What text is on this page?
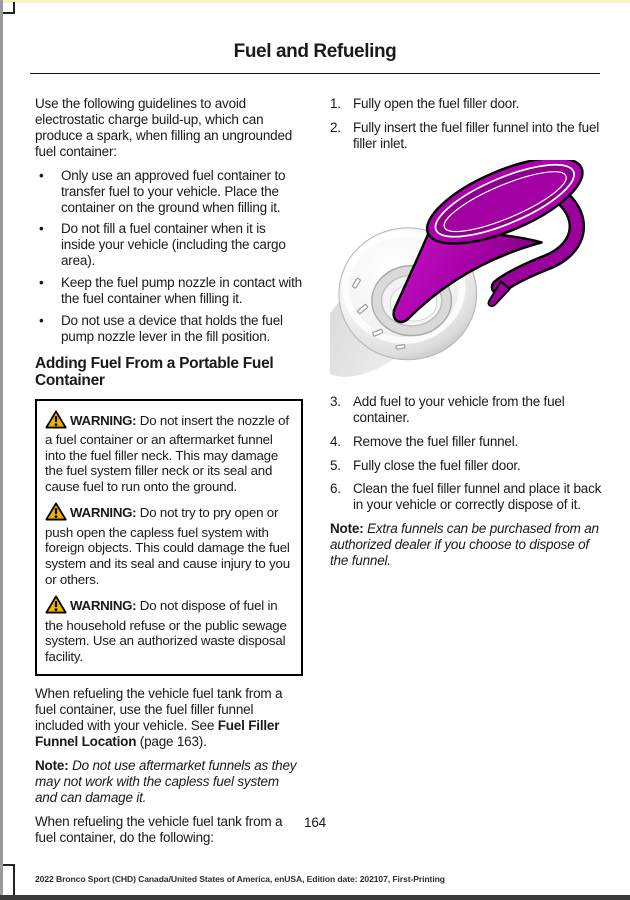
Fuel and Refueling

Use the following guidelines to avoid electrostatic charge build-up, which can produce a spark, when filling an ungrounded fuel container:

•	Only use an approved fuel container to transfer fuel to your vehicle. Place the container on the ground when filling it.
•	Do not fill a fuel container when it is inside your vehicle (including the cargo area).
•	Keep the fuel pump nozzle in contact with the fuel container when filling it.
•	Do not use a device that holds the fuel pump nozzle lever in the fill position.
Adding Fuel From a Portable Fuel Container

WARNING: Do not insert the nozzle of a fuel container or an aftermarket funnel into the fuel filler neck. This may damage the fuel system filler neck or its seal and cause fuel to run onto the ground.

WARNING: Do not try to pry open or push open the capless fuel system with foreign objects. This could damage the fuel system and its seal and cause injury to you or others.

WARNING: Do not dispose of fuel in the household refuse or the public sewage system. Use an authorized waste disposal facility.

When refueling the vehicle fuel tank from a fuel container, use the fuel filler funnel included with your vehicle. See Fuel Filler Funnel Location (page 163).

Note: Do not use aftermarket funnels as they may not work with the capless fuel system and can damage it.

When refueling the vehicle fuel tank from a fuel container, do the following:

1. Fully open the fuel filler door.
2. Fully insert the fuel filler funnel into the fuel filler inlet.
3. Add fuel to your vehicle from the fuel container.
4. Remove the fuel filler funnel.
5. Fully close the fuel filler door.
6. Clean the fuel filler funnel and place it back in your vehicle or correctly dispose of it.

Note: Extra funnels can be purchased from an authorized dealer if you choose to dispose of the funnel.

164
2022 Bronco Sport (CHD) Canada/United States of America, enUSA, Edition date: 202107, First-Printing
